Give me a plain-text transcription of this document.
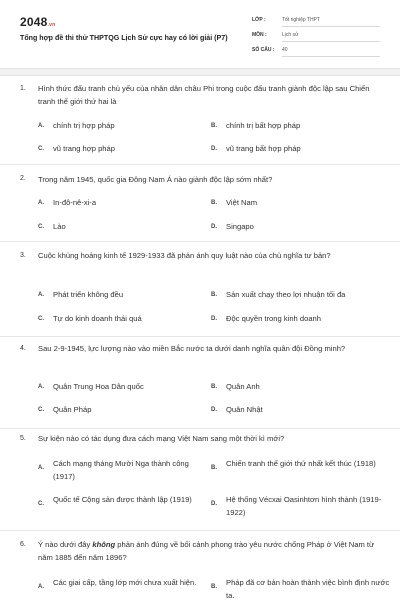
2048.vn
Tổng hợp đề thi thử THPTQG Lịch Sử cực hay có lời giải (P7)
LỚP :	Tốt nghiệp THPT
MÔN :	Lịch sử
SỐ CÂU : 40
1. Hình thức đấu tranh chủ yếu của nhân dân châu Phi trong cuộc đấu tranh giành độc lập sau Chiến tranh thế giới thứ hai là
A. chính trị hợp pháp	B. chính trị bất hợp pháp
C. vũ trang hợp pháp	D. vũ trang bất hợp pháp
2. Trong năm 1945, quốc gia Đông Nam Á nào giành độc lập sớm nhất?
A. In-đô-nê-xi-a	B. Việt Nam
C. Lào	D. Singapo
3. Cuộc khủng hoảng kinh tế 1929-1933 đã phản ánh quy luật nào của chủ nghĩa tư bản?
A. Phát triển không đều	B. Sản xuất chạy theo lợi nhuận tối đa
C. Tự do kinh doanh thái quá	D. Độc quyền trong kinh doanh
4. Sau 2-9-1945, lực lượng nào vào miền Bắc nước ta dưới danh nghĩa quân đội Đồng minh?
A. Quân Trung Hoa Dân quốc	B. Quân Anh
C. Quân Pháp	D. Quân Nhật
5. Sự kiện nào có tác dụng đưa cách mạng Việt Nam sang một thời kì mới?
A. Cách mạng tháng Mười Nga thành công (1917)
B. Chiến tranh thế giới thứ nhất kết thúc (1918)
C. Quốc tế Cộng sản được thành lập (1919)	D. Hệ thống Vécxai Oasinhtơn hình thành (1919-1922)
6. Ý nào dưới đây không phản ánh đúng về bối cảnh phong trào yêu nước chống Pháp ở Việt Nam từ năm 1885 đến năm 1896?
A. Các giai cấp, tầng lớp mới chưa xuất hiện. B. Pháp đã cơ bản hoàn thành việc bình định nước ta.
